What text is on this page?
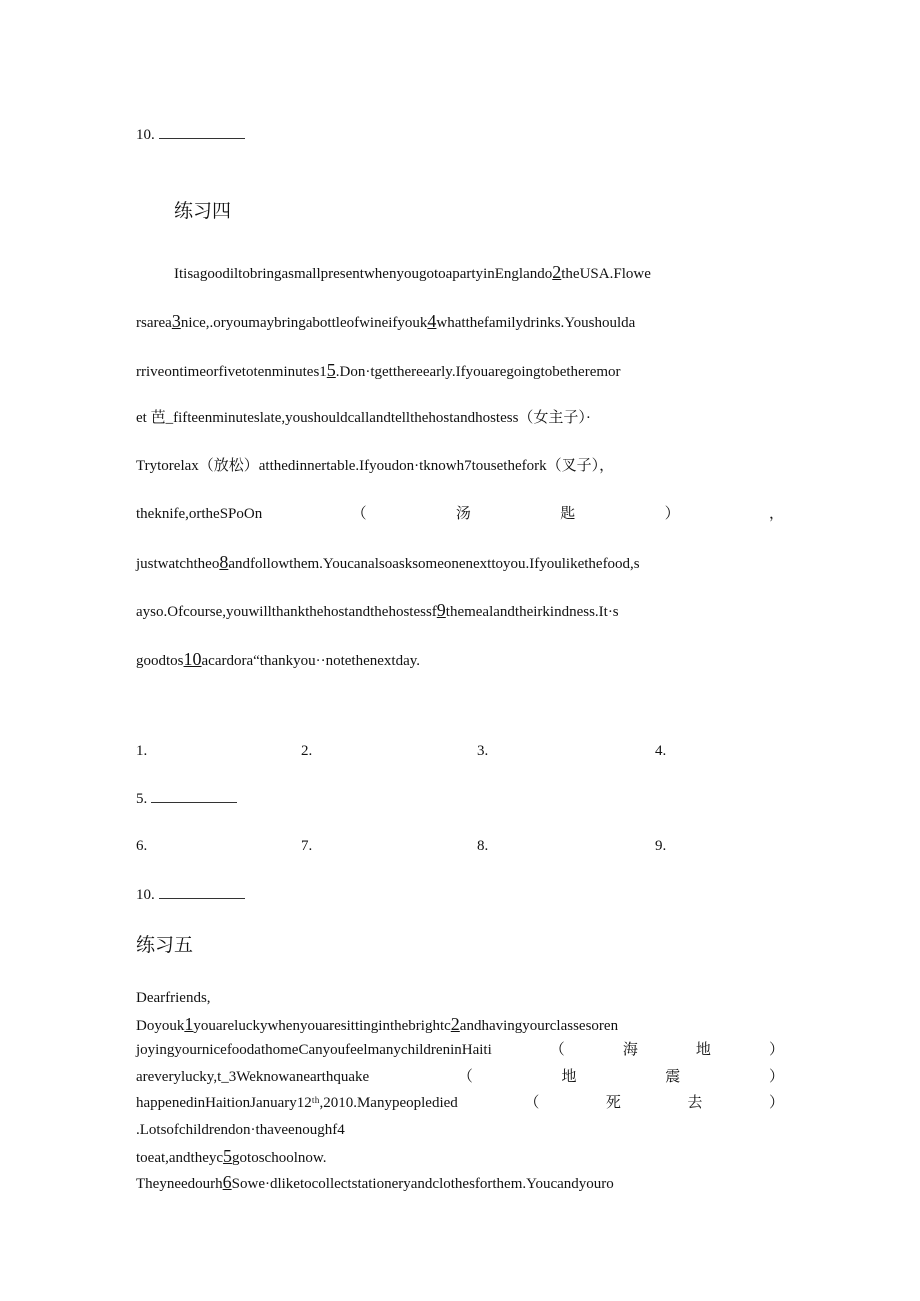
10.
练习四
ItisagoodiltobringasmallpresentwhenyougotoapartyinEnglando2theUSA.Flowe
rsarea3nice,.oryoumaybringabottleofwineifyouk4whatthefamilydrinks.Youshoulda
rriveontimeorfivetotenminutes15.Don·tgetthereearly.Ifyouaregoingtobetheremor
et 芭_fifteenminuteslate,youshouldcallandtellthehostandhostess（女主子）·
Trytorelax（放松）atthedinnertable.Ifyoudon·tknowh7tousethefork（叉子），
theknife,ortheSPoOn	（	汤	匙	）	，
justwatchtheo8andfollowthem.Youcanalsoasksomeonenexttoyou.Ifyoulikethefood,s
ayso.Ofcourse,youwillthankthehostandthehostessf9themealandtheirkindness.It·s
goodtos10acardora“thankyou··notethenextday.
1.	2.	3.	4.
5.
6.	7.	8.	9.
10.
练习五
Dearfriends,
Doyouk1youareluckywhenyouaresittinginthebrightc2andhavingyourclassesoren
joyingyournicefoodathomeCanyoufeelmanychildreninHaiti	（	海	地	）
areverylucky,t_3Weknowanearthquake	（	地	震	）
happenedinHaitionJanuary12ᵗʰ,2010.Manypeopledied	（	死	去	）
.Lotsofchildrendon·thaveenoughf4
toeat,andtheyc5gotoschoolnow.
Theyneedourh6Sowe·dliketocollectstationeryandclothesforthem.Youcandyouro
